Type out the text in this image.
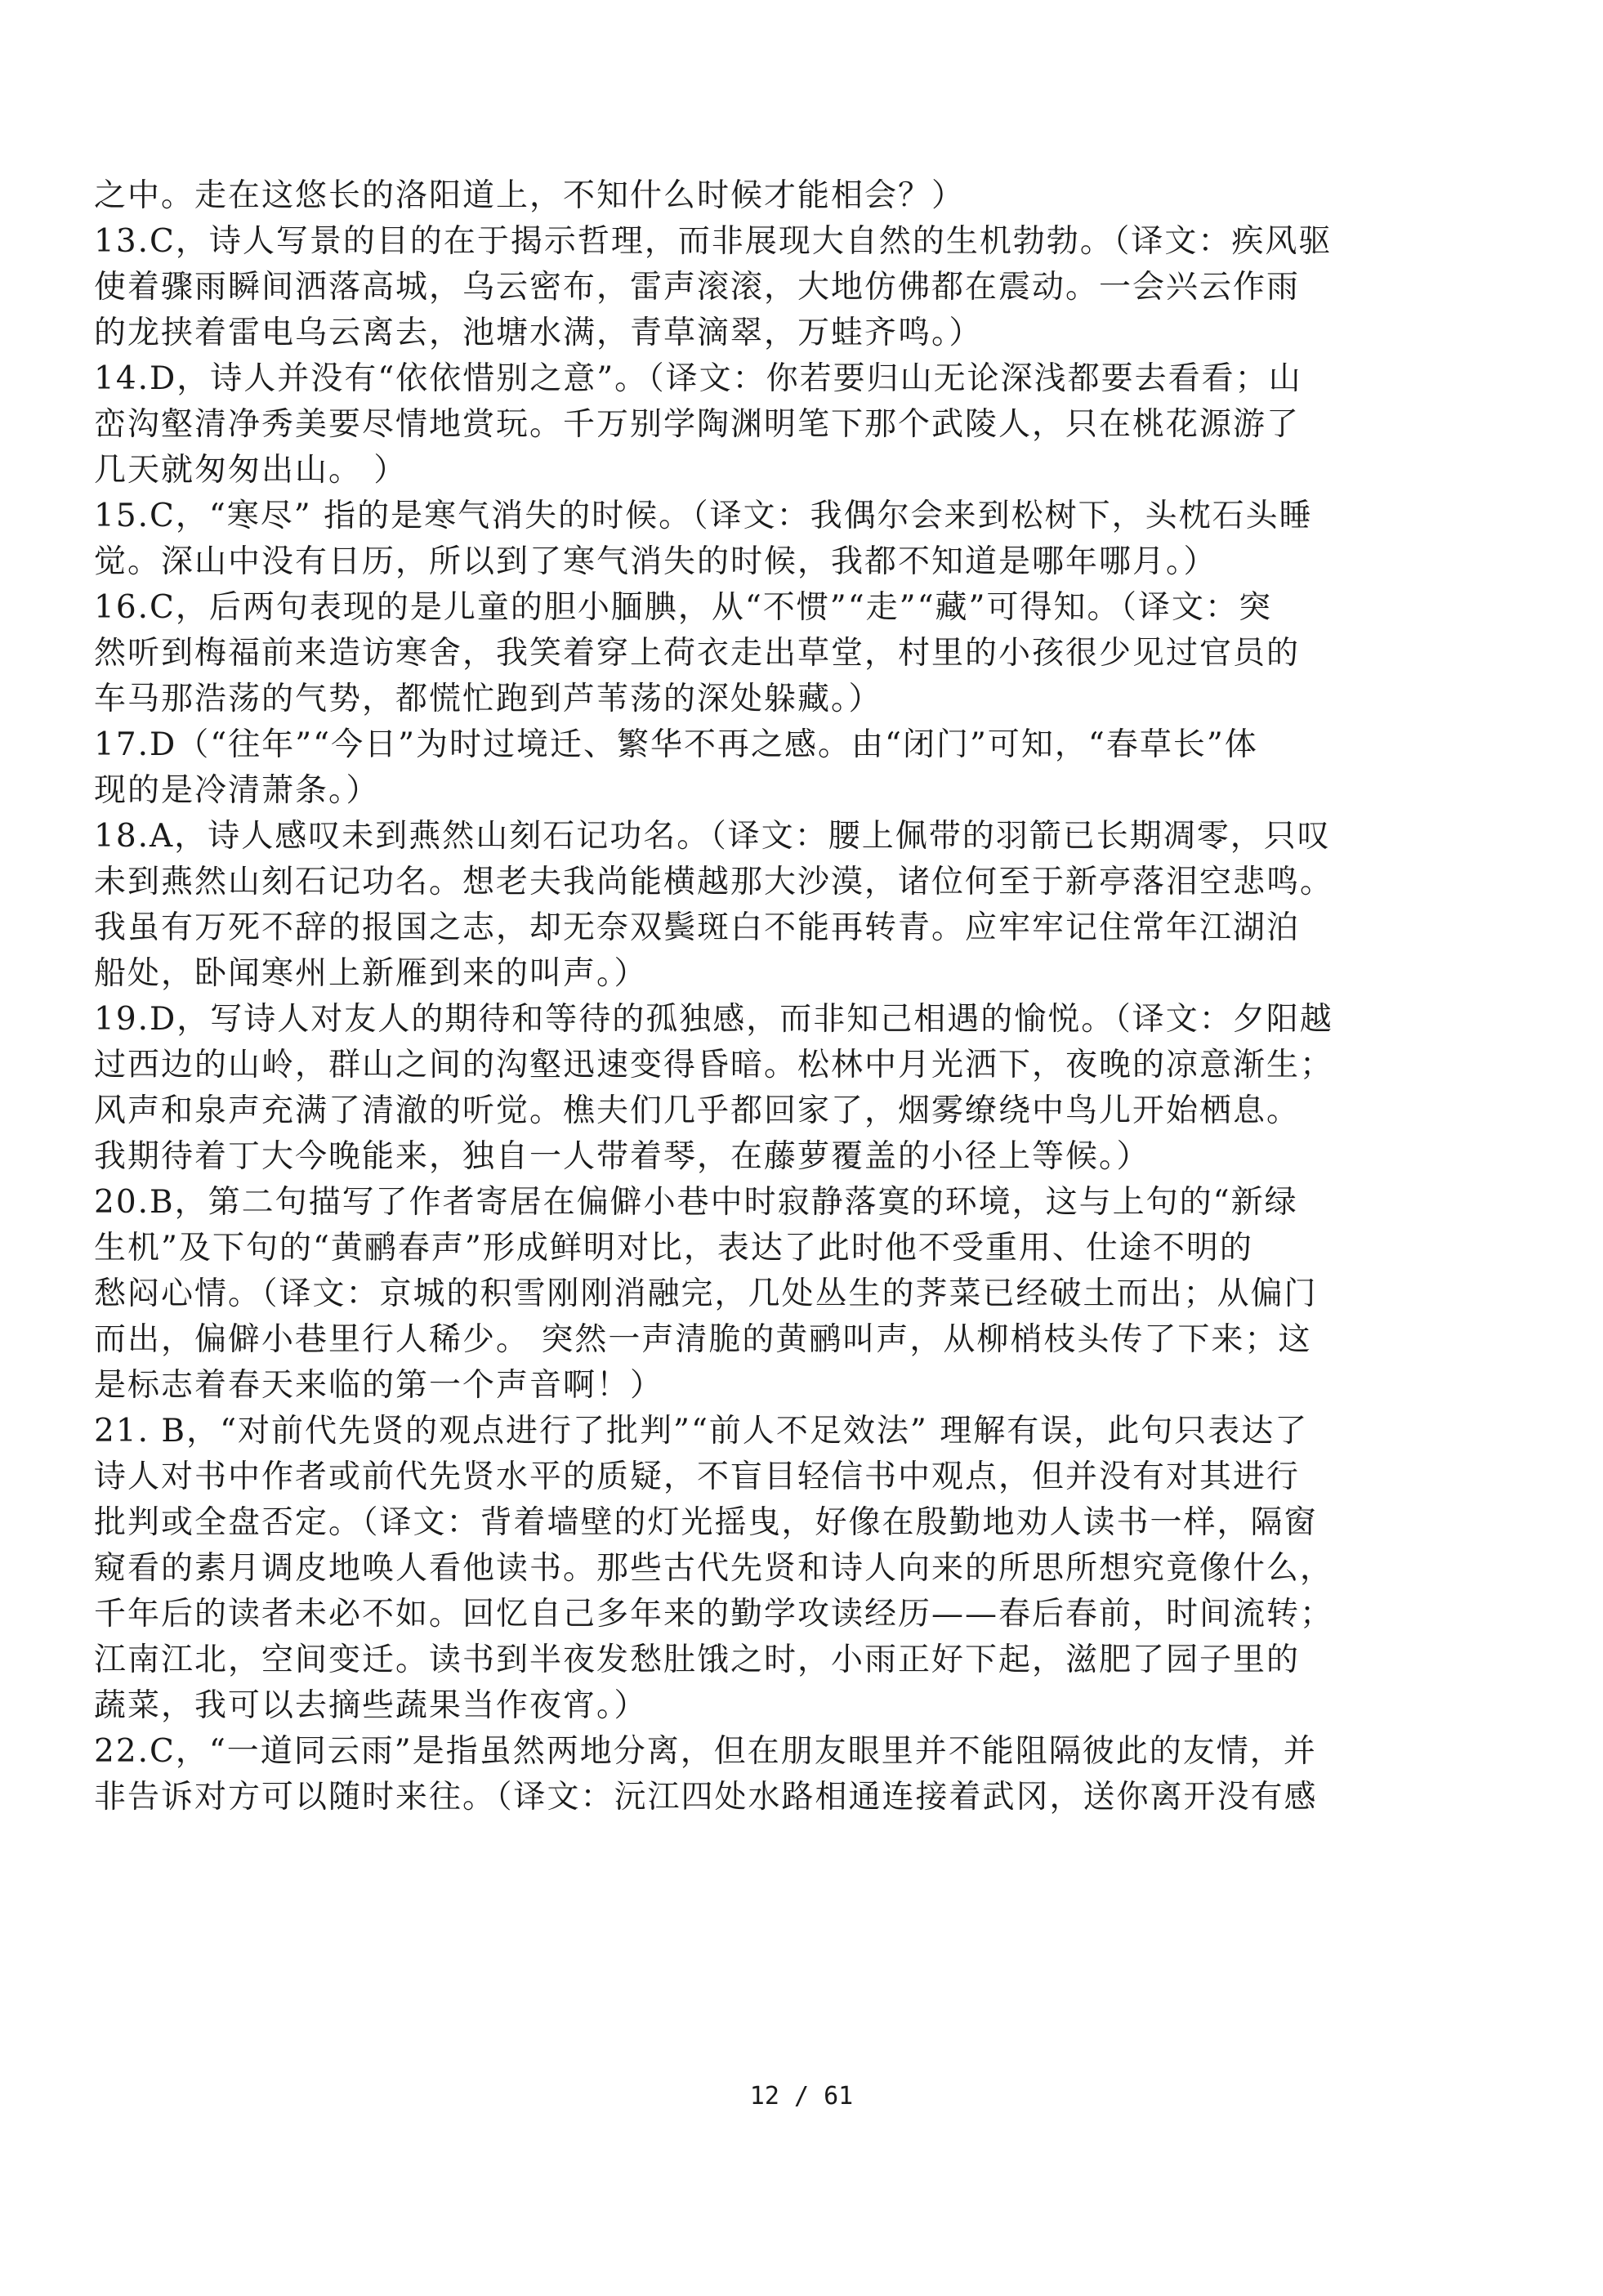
之中。走在这悠长的洛阳道上，不知什么时候才能相会？）
13.C，诗人写景的目的在于揭示哲理，而非展现大自然的生机勃勃。（译文：疾风驱
使着骤雨瞬间洒落高城，乌云密布，雷声滚滚，大地仿佛都在震动。一会兴云作雨
的龙挟着雷电乌云离去，池塘水满，青草滴翠，万蛙齐鸣。）
14.D，诗人并没有“依依惜别之意”。（译文：你若要归山无论深浅都要去看看；山
峦沟壑清净秀美要尽情地赏玩。千万别学陶渊明笔下那个武陵人，只在桃花源游了
几天就匆匆出山。 ）
15.C，“寒尽” 指的是寒气消失的时候。（译文：我偶尔会来到松树下，头枕石头睡
觉。深山中没有日历，所以到了寒气消失的时候，我都不知道是哪年哪月。）
16.C，后两句表现的是儿童的胆小腼腆，从“不惯”“走”“藏”可得知。（译文：突
然听到梅福前来造访寒舍，我笑着穿上荷衣走出草堂，村里的小孩很少见过官员的
车马那浩荡的气势，都慌忙跑到芦苇荡的深处躲藏。）
17.D（“往年”“今日”为时过境迁、繁华不再之感。由“闭门”可知，“春草长”体
现的是冷清萧条。）
18.A，诗人感叹未到燕然山刻石记功名。（译文：腰上佩带的羽箭已长期凋零，只叹
未到燕然山刻石记功名。想老夫我尚能横越那大沙漠，诸位何至于新亭落泪空悲鸣。
我虽有万死不辞的报国之志，却无奈双鬓斑白不能再转青。应牢牢记住常年江湖泊
船处，卧闻寒州上新雁到来的叫声。）
19.D，写诗人对友人的期待和等待的孤独感，而非知己相遇的愉悦。（译文：夕阳越
过西边的山岭，群山之间的沟壑迅速变得昏暗。松林中月光洒下，夜晚的凉意渐生；
风声和泉声充满了清澈的听觉。樵夫们几乎都回家了，烟雾缭绕中鸟儿开始栖息。
我期待着丁大今晚能来，独自一人带着琴，在藤萝覆盖的小径上等候。）
20.B，第二句描写了作者寄居在偏僻小巷中时寂静落寞的环境，这与上句的“新绿
生机”及下句的“黄鹂春声”形成鲜明对比，表达了此时他不受重用、仕途不明的
愁闷心情。（译文：京城的积雪刚刚消融完，几处丛生的荠菜已经破土而出；从偏门
而出，偏僻小巷里行人稀少。 突然一声清脆的黄鹂叫声，从柳梢枝头传了下来；这
是标志着春天来临的第一个声音啊！）
21. B，“对前代先贤的观点进行了批判”“前人不足效法” 理解有误，此句只表达了
诗人对书中作者或前代先贤水平的质疑，不盲目轻信书中观点，但并没有对其进行
批判或全盘否定。（译文：背着墙壁的灯光摇曳，好像在殷勤地劝人读书一样，隔窗
窥看的素月调皮地唤人看他读书。那些古代先贤和诗人向来的所思所想究竟像什么，
千年后的读者未必不如。回忆自己多年来的勤学攻读经历——春后春前，时间流转；
江南江北，空间变迁。读书到半夜发愁肚饿之时，小雨正好下起，滋肥了园子里的
蔬菜，我可以去摘些蔬果当作夜宵。）
22.C，“一道同云雨”是指虽然两地分离，但在朋友眼里并不能阻隔彼此的友情，并
非告诉对方可以随时来往。（译文：沅江四处水路相通连接着武冈，送你离开没有感
12 / 61
